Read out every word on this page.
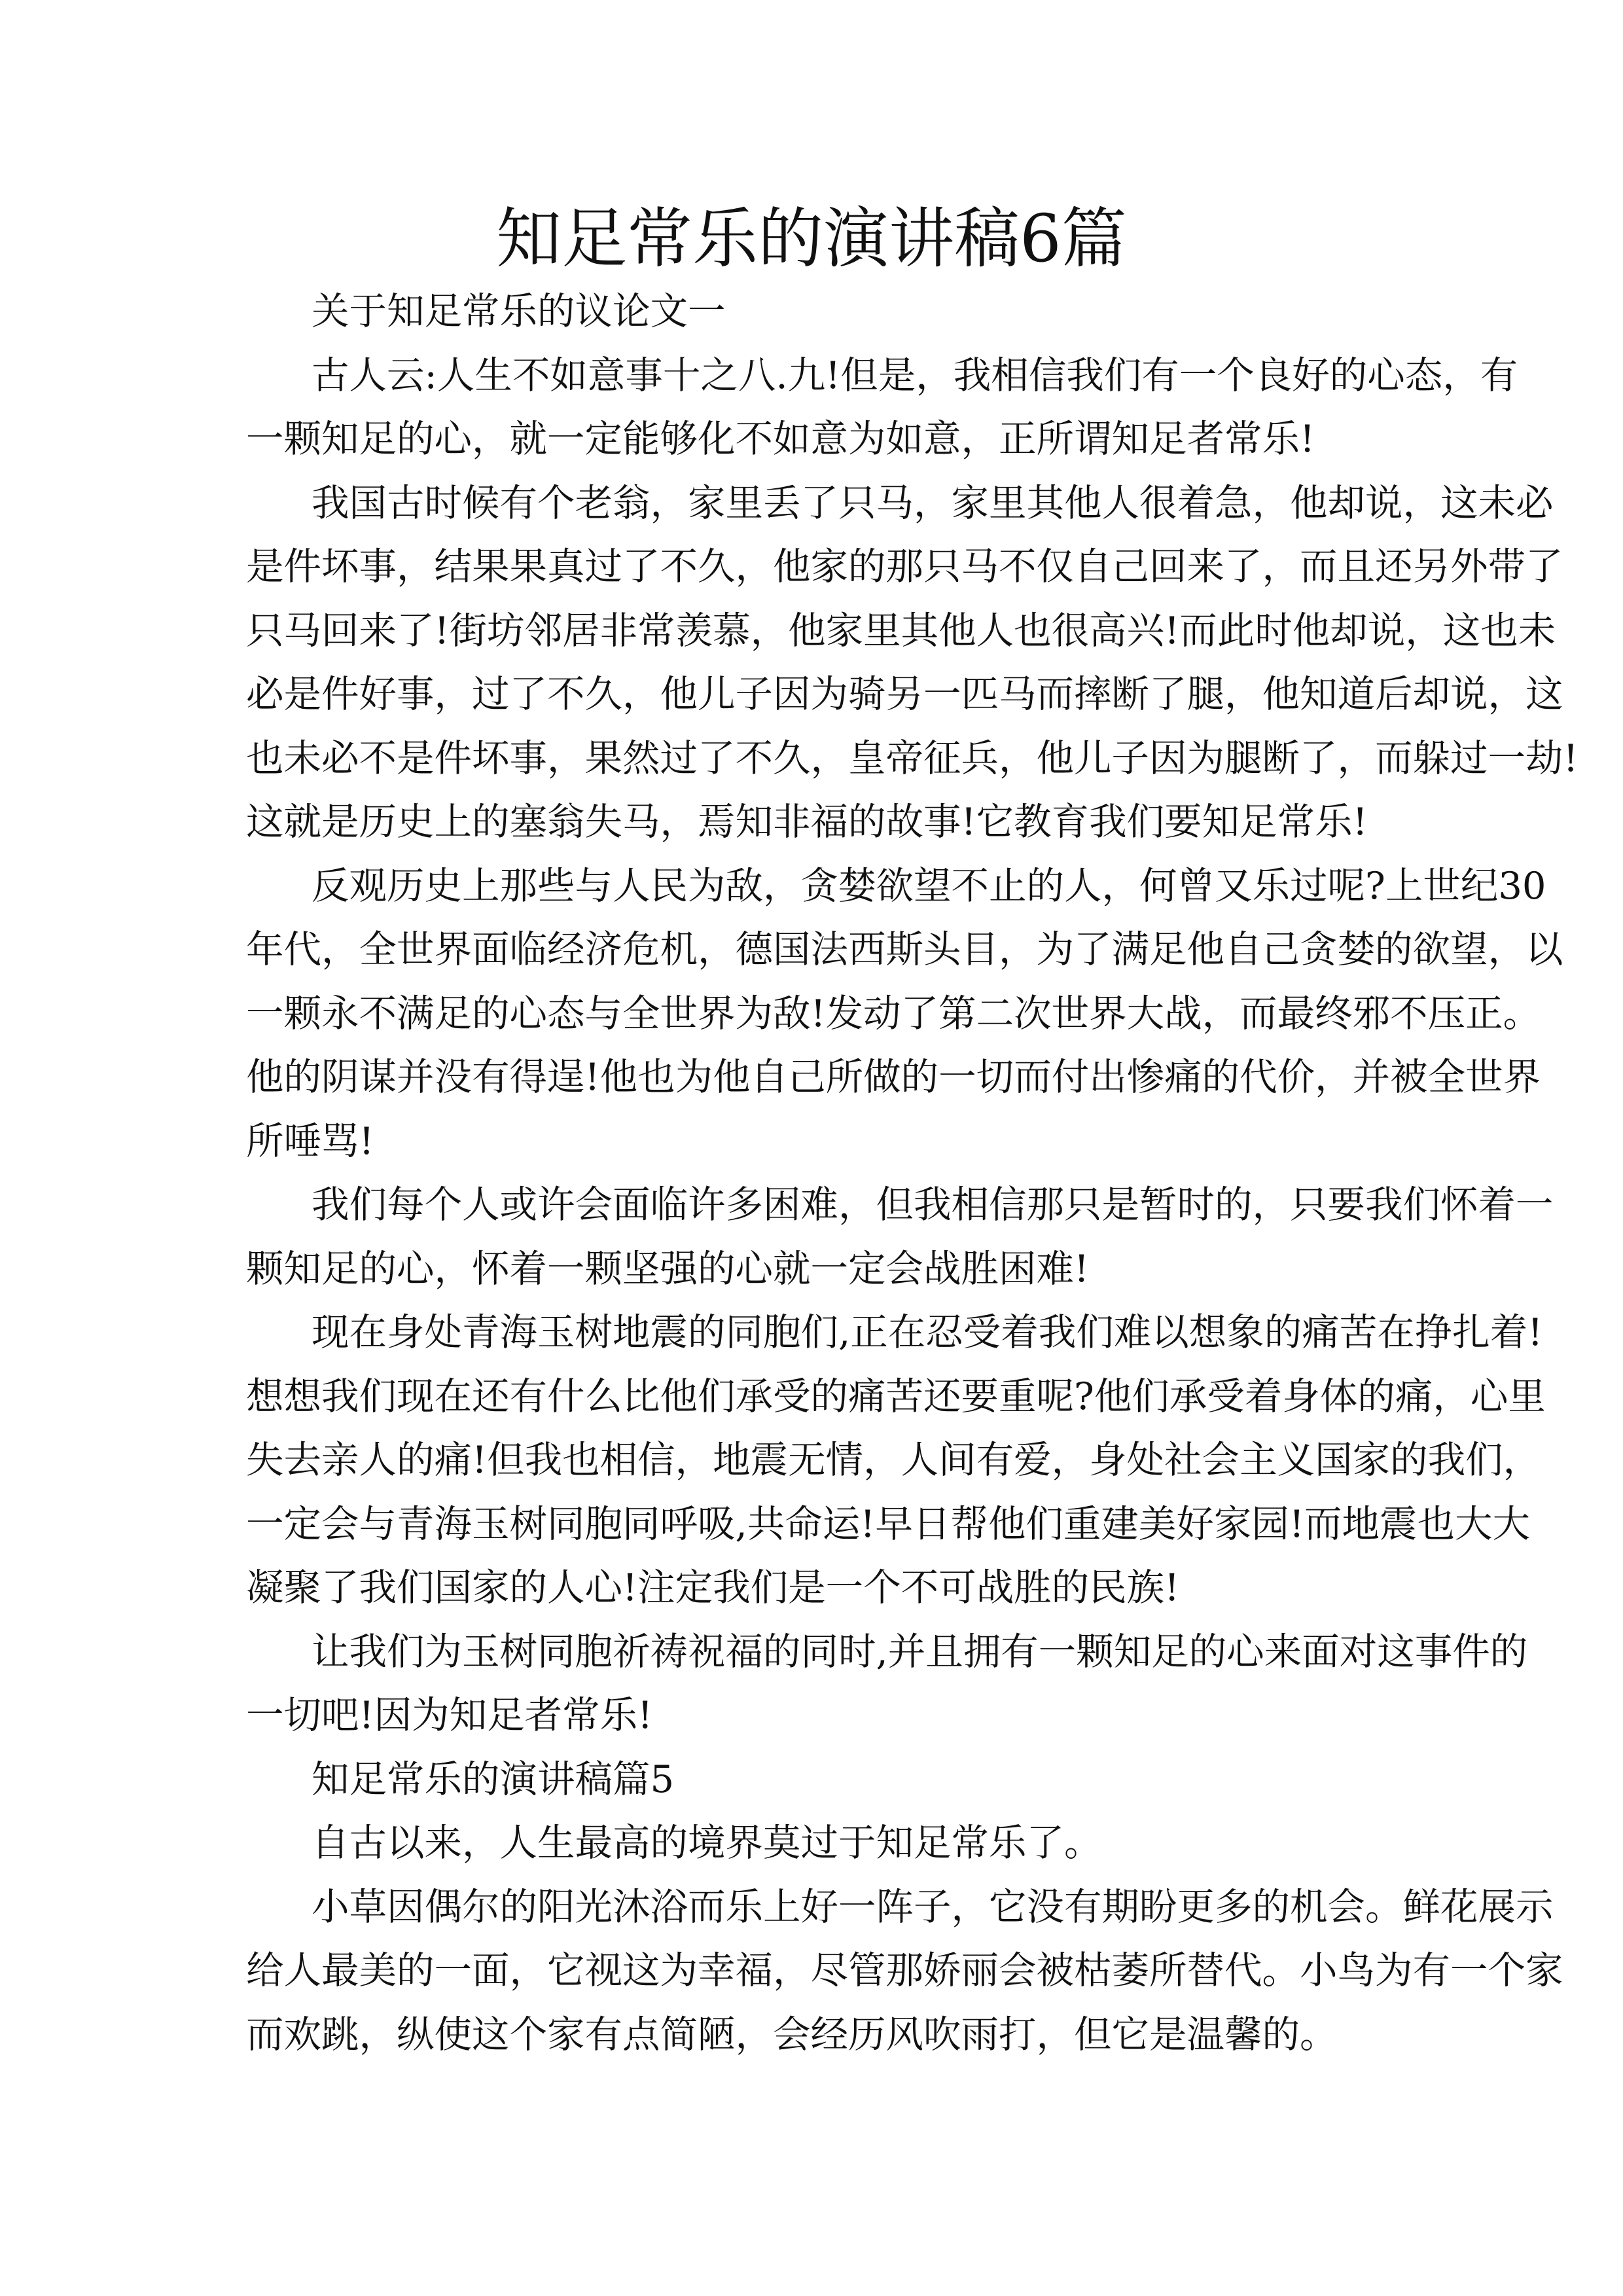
知足常乐的演讲稿6篇
关于知足常乐的议论文一
古人云:人生不如意事十之八.九!但是，我相信我们有一个良好的心态，有
一颗知足的心，就一定能够化不如意为如意，正所谓知足者常乐!
我国古时候有个老翁，家里丢了只马，家里其他人很着急，他却说，这未必
是件坏事，结果果真过了不久，他家的那只马不仅自己回来了，而且还另外带了
只马回来了!街坊邻居非常羡慕，他家里其他人也很高兴!而此时他却说，这也未
必是件好事，过了不久，他儿子因为骑另一匹马而摔断了腿，他知道后却说，这
也未必不是件坏事，果然过了不久，皇帝征兵，他儿子因为腿断了，而躲过一劫!
这就是历史上的塞翁失马，焉知非福的故事!它教育我们要知足常乐!
反观历史上那些与人民为敌，贪婪欲望不止的人，何曾又乐过呢?上世纪30
年代，全世界面临经济危机，德国法西斯头目，为了满足他自己贪婪的欲望，以
一颗永不满足的心态与全世界为敌!发动了第二次世界大战，而最终邪不压正。
他的阴谋并没有得逞!他也为他自己所做的一切而付出惨痛的代价，并被全世界
所唾骂!
我们每个人或许会面临许多困难，但我相信那只是暂时的，只要我们怀着一
颗知足的心，怀着一颗坚强的心就一定会战胜困难!
现在身处青海玉树地震的同胞们,正在忍受着我们难以想象的痛苦在挣扎着!
想想我们现在还有什么比他们承受的痛苦还要重呢?他们承受着身体的痛，心里
失去亲人的痛!但我也相信，地震无情，人间有爱，身处社会主义国家的我们，
一定会与青海玉树同胞同呼吸,共命运!早日帮他们重建美好家园!而地震也大大
凝聚了我们国家的人心!注定我们是一个不可战胜的民族!
让我们为玉树同胞祈祷祝福的同时,并且拥有一颗知足的心来面对这事件的
一切吧!因为知足者常乐!
知足常乐的演讲稿篇5
自古以来，人生最高的境界莫过于知足常乐了。
小草因偶尔的阳光沐浴而乐上好一阵子，它没有期盼更多的机会。鲜花展示
给人最美的一面，它视这为幸福，尽管那娇丽会被枯萎所替代。小鸟为有一个家
而欢跳，纵使这个家有点简陋，会经历风吹雨打，但它是温馨的。
